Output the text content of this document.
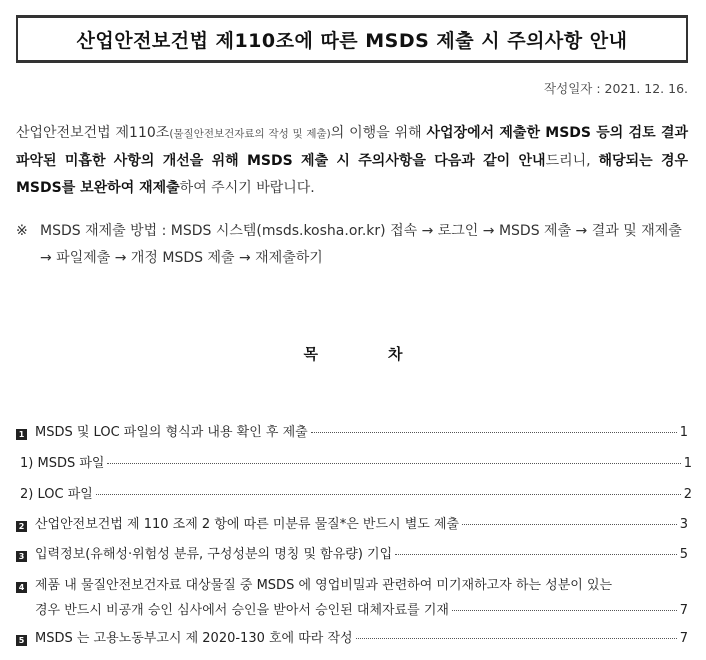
산업안전보건법 제110조에 따른 MSDS 제출 시 주의사항 안내
작성일자 : 2021. 12. 16.

산업안전보건법 제110조(물질안전보건자료의 작성 및 제출)의 이행을 위해 사업장에서 제출한 MSDS 등의 검토 결과 파악된 미흡한 사항의 개선을 위해 MSDS 제출 시 주의사항을 다음과 같이 안내드리니, 해당되는 경우 MSDS를 보완하여 재제출하여 주시기 바랍니다.

※ MSDS 재제출 방법 : MSDS 시스템(msds.kosha.or.kr) 접속 → 로그인 → MSDS 제출 → 결과 및 재제출 → 파일제출 → 개정 MSDS 제출 → 재제출하기
목차
1 MSDS 및 LOC 파일의 형식과 내용 확인 후 제출	1
1) MSDS 파일	1
2) LOC 파일	2
2 산업안전보건법 제 110 조제 2 항에 따른 미분류 물질*은 반드시 별도 제출	3
3 입력정보(유해성·위험성 분류, 구성성분의 명칭 및 함유량) 기입	5
4 제품 내 물질안전보건자료 대상물질 중 MSDS 에 영업비밀과 관련하여 미기재하고자 하는 성분이 있는
경우 반드시 비공개 승인 심사에서 승인을 받아서 승인된 대체자료를 기재	7
5 MSDS 는 고용노동부고시 제 2020-130 호에 따라 작성	7
